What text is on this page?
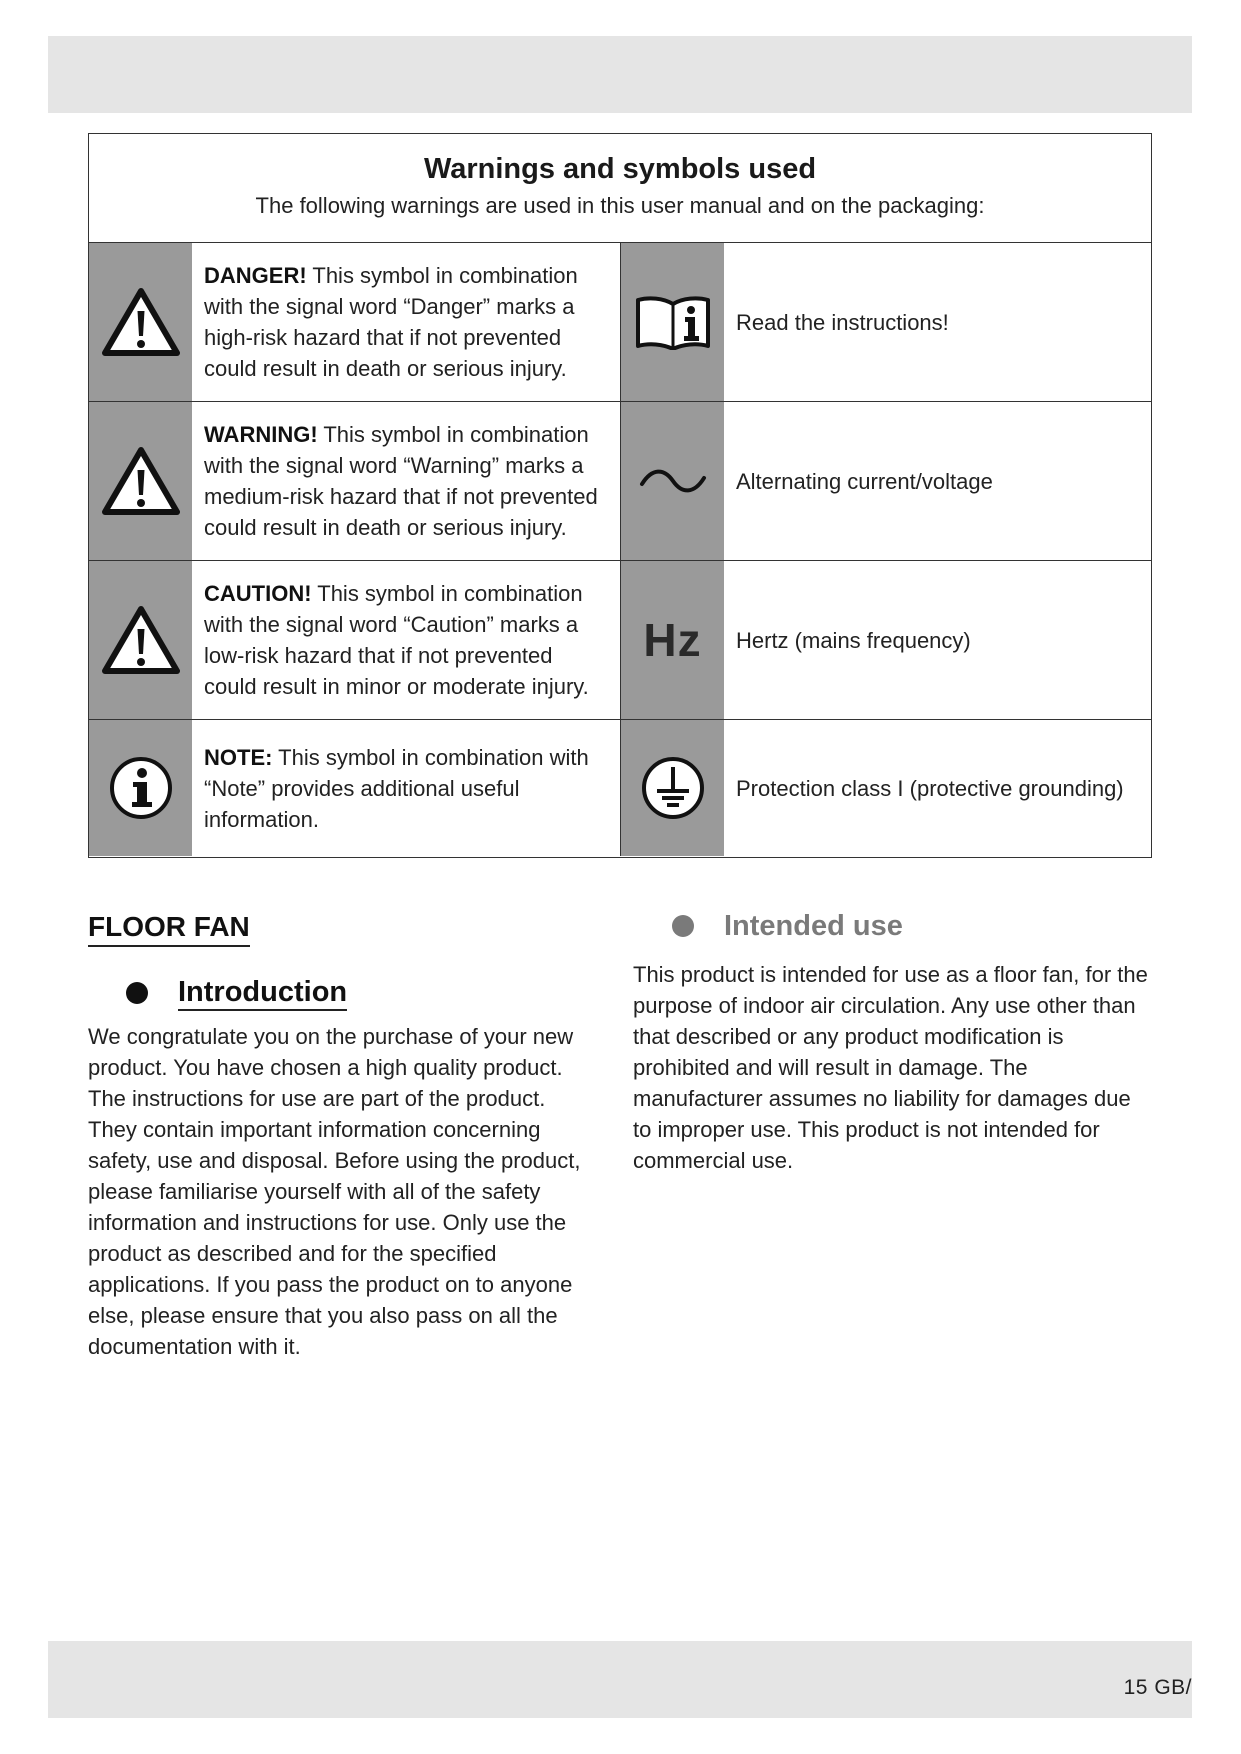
Warnings and symbols used
The following warnings are used in this user manual and on the packaging:
DANGER! This symbol in combination with the signal word “Danger” marks a high-risk hazard that if not prevented could result in death or serious injury.
Read the instructions!
WARNING! This symbol in combination with the signal word “Warning” marks a medium-risk hazard that if not prevented could result in death or serious injury.
Alternating current/voltage
CAUTION! This symbol in combination with the signal word “Caution” marks a low-risk hazard that if not prevented could result in minor or moderate injury.
Hz	Hertz (mains frequency)
NOTE: This symbol in combination with “Note” provides additional useful information.
Protection class I (protective grounding)
FLOOR FAN
Introduction

We congratulate you on the purchase of your new product. You have chosen a high quality product. The instructions for use are part of the product. They contain important information concerning safety, use and disposal. Before using the product, please familiarise yourself with all of the safety information and instructions for use. Only use the product as described and for the specified applications. If you pass the product on to anyone else, please ensure that you also pass on all the documentation with it.

Intended use

This product is intended for use as a floor fan, for the purpose of indoor air circulation. Any use other than that described or any product modification is prohibited and will result in damage. The manufacturer assumes no liability for damages due to improper use. This product is not intended for commercial use.

15 GB/
